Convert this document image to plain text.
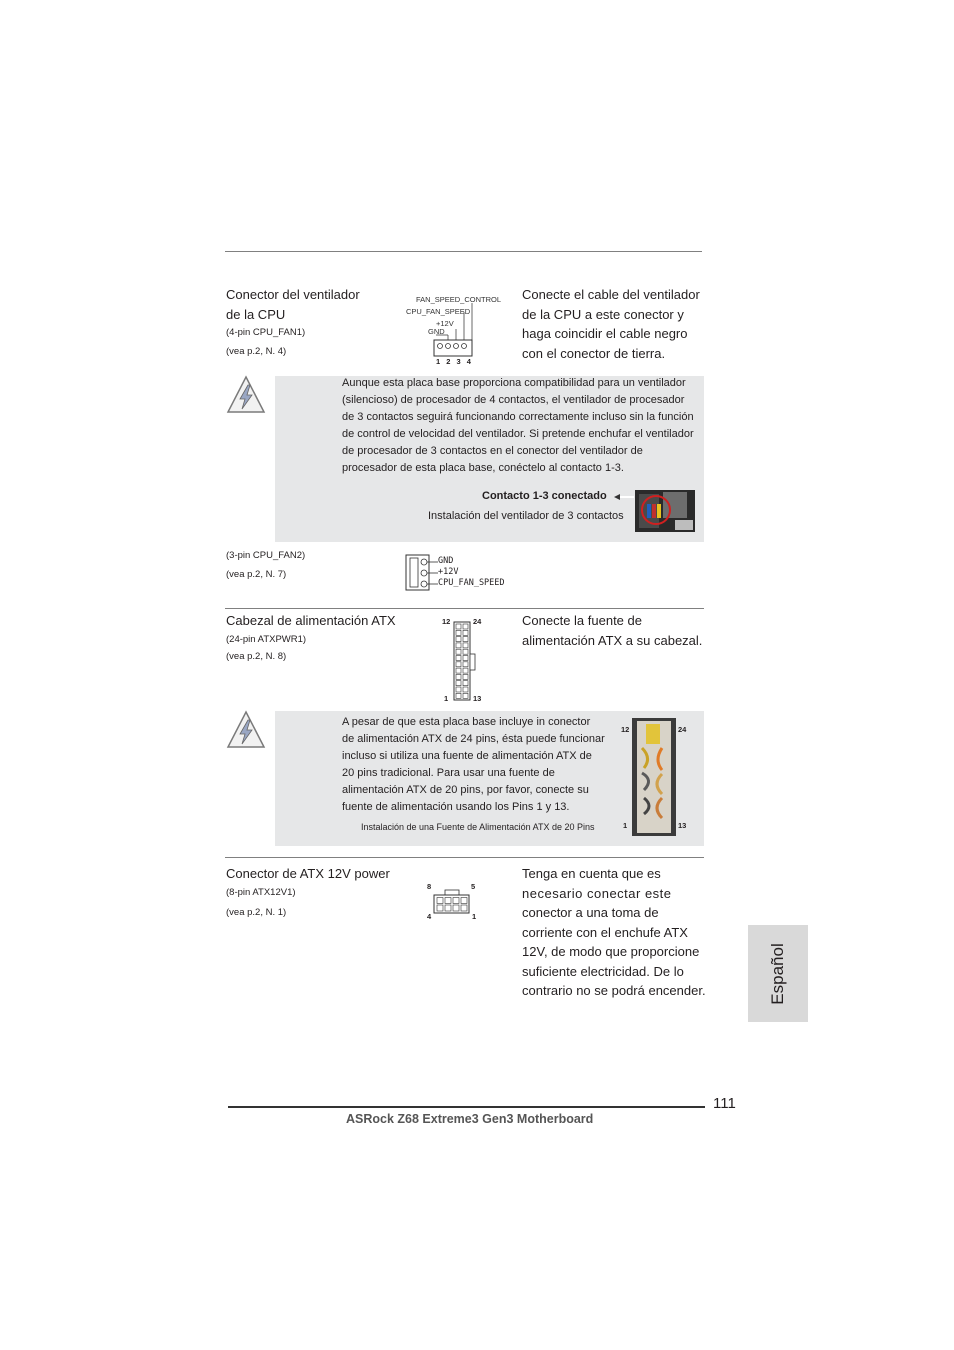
Conector del ventilador
de la CPU
(4-pin CPU_FAN1)
(vea p.2, N. 4)
FAN_SPEED_CONTROL
CPU_FAN_SPEED
+12V
GND
1 2 3 4
Conecte el cable del ventilador
de la CPU a este conector y
haga coincidir el cable negro
con el conector de tierra.
Aunque esta placa base proporciona compatibilidad para un ventilador
(silencioso) de procesador de 4 contactos, el ventilador de procesador
de 3 contactos seguirá funcionando correctamente incluso sin la función
de control de velocidad del ventilador. Si pretende enchufar el ventilador
de procesador de 3 contactos en el conector del ventilador de
procesador de esta placa base, conéctelo al contacto 1-3.
Contacto 1-3 conectado
Instalación del ventilador de 3 contactos
(3-pin CPU_FAN2)
(vea p.2, N. 7)
GND
+12V
CPU_FAN_SPEED
Cabezal de alimentación ATX
(24-pin ATXPWR1)
(vea p.2, N. 8)
12	24
1	13
Conecte la fuente de
alimentación ATX a su cabezal.
A pesar de que esta placa base incluye in conector
de alimentación ATX de 24 pins, ésta puede funcionar
incluso si utiliza una fuente de alimentación ATX de
20 pins tradicional. Para usar una fuente de
alimentación ATX de 20 pins, por favor, conecte su
fuente de alimentación usando los Pins 1 y 13.
Instalación de una Fuente de Alimentación ATX de 20 Pins
12	24
1	13
Conector de ATX 12V power
(8-pin ATX12V1)
(vea p.2, N. 1)
8	5
4	1
Tenga en cuenta que es
necesario conectar este
conector a una toma de
corriente con el enchufe ATX
12V, de modo que proporcione
suficiente electricidad. De lo
contrario no se podrá encender.	Español
111
ASRock Z68 Extreme3 Gen3 Motherboard
